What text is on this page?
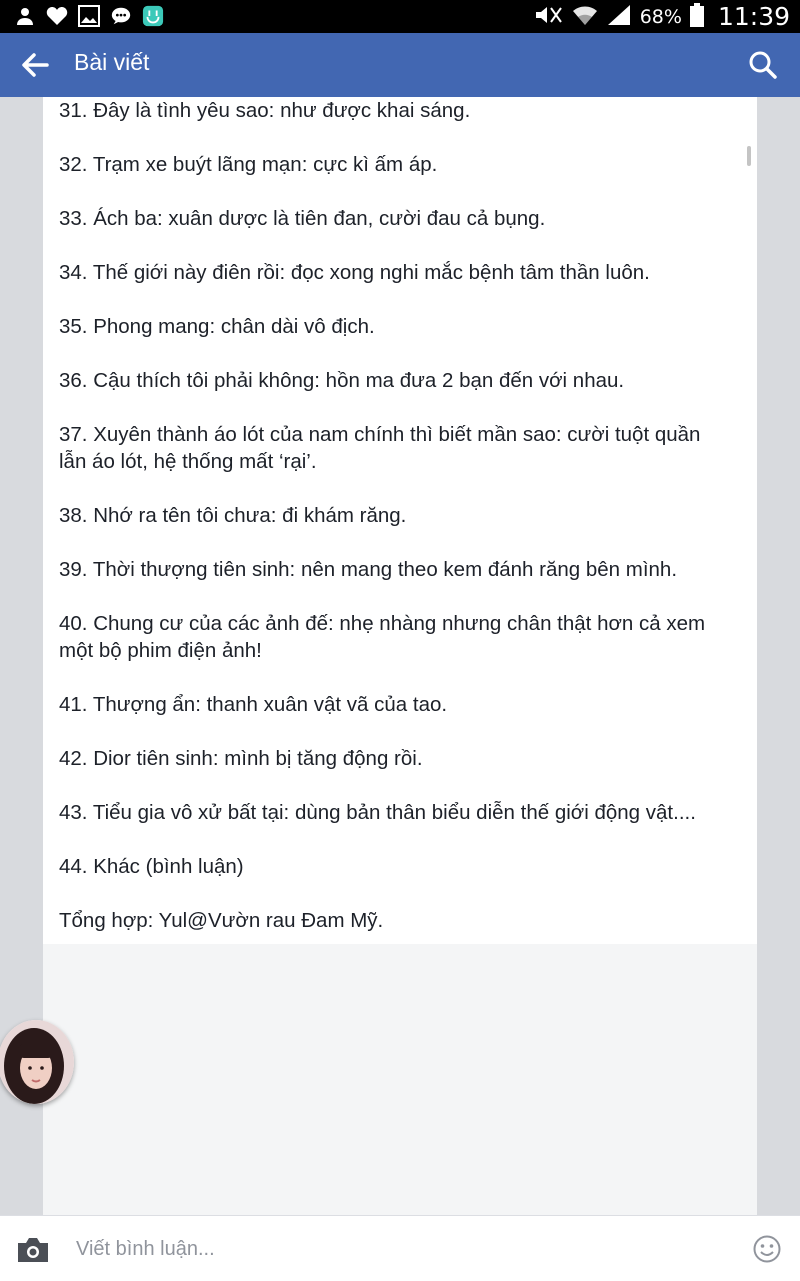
68% 11:39
Bài viết

31. Đây là tình yêu sao: như được khai sáng.

32. Trạm xe buýt lãng mạn: cực kì ấm áp.

33. Ách ba: xuân dược là tiên đan, cười đau cả bụng.

34. Thế giới này điên rồi: đọc xong nghi mắc bệnh tâm thần luôn.

35. Phong mang: chân dài vô địch.

36. Cậu thích tôi phải không: hồn ma đưa 2 bạn đến với nhau.

37. Xuyên thành áo lót của nam chính thì biết mần sao: cười tuột quần

lẫn áo lót, hệ thống mất ‘rại’.

38. Nhớ ra tên tôi chưa: đi khám răng.

39. Thời thượng tiên sinh: nên mang theo kem đánh răng bên mình.

40. Chung cư của các ảnh đế: nhẹ nhàng nhưng chân thật hơn cả xem

một bộ phim điện ảnh!

41. Thượng ẩn: thanh xuân vật vã của tao.

42. Dior tiên sinh: mình bị tăng động rồi.

43. Tiểu gia vô xử bất tại: dùng bản thân biểu diễn thế giới động vật....

44. Khác (bình luận)

Tổng hợp: Yul@Vườn rau Đam Mỹ.

Viết bình luận...
